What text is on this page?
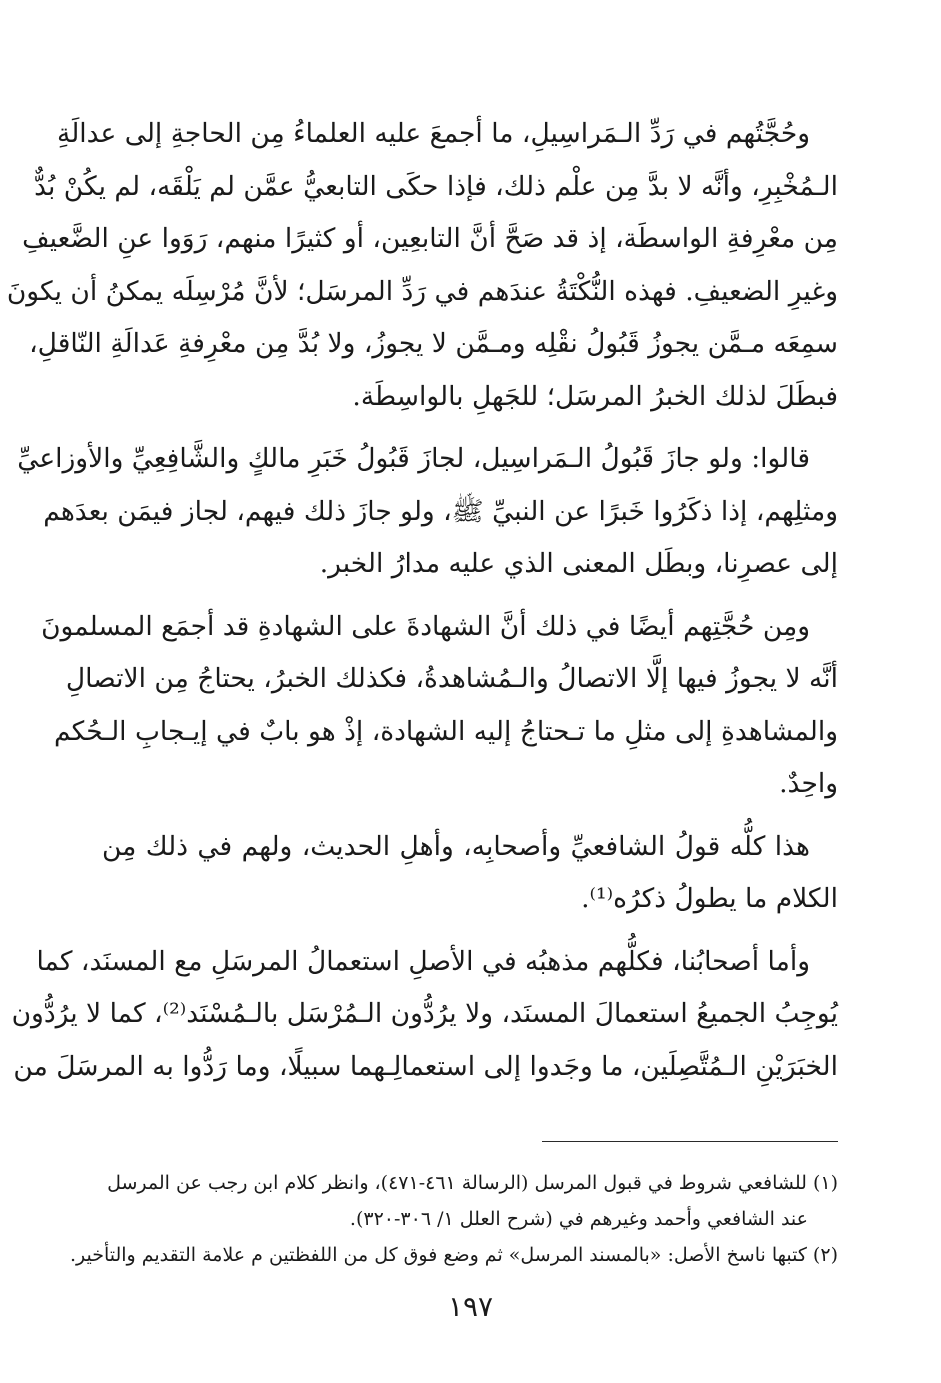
وحُجَّتُهم في رَدِّ الـمَراسِيلِ، ما أجمعَ عليه العلماءُ مِن الحاجةِ إلى عدالَةِ
الـمُخْبِرِ، وأنَّه لا بدَّ مِن علْم ذلك، فإذا حكَى التابعيُّ عمَّن لم يَلْقَه، لم يكُنْ بُدٌّ
مِن معْرِفةِ الواسطَة، إذ قد صَحَّ أنَّ التابعِين، أو كثيرًا منهم، رَوَوا عنِ الضَّعيفِ
وغيرِ الضعيفِ. فهذه النُّكْتَةُ عندَهم في رَدِّ المرسَل؛ لأنَّ مُرْسِلَه يمكنُ أن يكونَ
سمِعَه مـمَّن يجوزُ قَبُولُ نقْلِه ومـمَّن لا يجوزُ، ولا بُدَّ مِن معْرِفةِ عَدالَةِ النّاقلِ،
فبطَلَ لذلك الخبرُ المرسَل؛ للجَهلِ بالواسِطَة.
قالوا: ولو جازَ قَبُولُ الـمَراسِيل، لجازَ قَبُولُ خَبَرِ مالكٍ والشَّافِعِيِّ والأوزاعيِّ
ومثلِهم، إذا ذكَرُوا خَبرًا عن النبيِّ ﷺ، ولو جازَ ذلك فيهم، لجاز فيمَن بعدَهم
إلى عصرِنا، وبطَل المعنى الذي عليه مدارُ الخبر.
ومِن حُجَّتِهم أيضًا في ذلك أنَّ الشهادةَ على الشهادةِ قد أجمَع المسلمونَ
أنَّه لا يجوزُ فيها إلَّا الاتصالُ والـمُشاهدةُ، فكذلك الخبرُ، يحتاجُ مِن الاتصالِ
والمشاهدةِ إلى مثلِ ما تـحتاجُ إليه الشهادة، إذْ هو بابٌ في إيـجابِ الـحُكم
واحِدٌ.
هذا كلُّه قولُ الشافعيِّ وأصحابِه، وأهلِ الحديث، ولهم في ذلك مِن
الكلام ما يطولُ ذكرُه⁽¹⁾.
وأما أصحابُنا، فكلُّهم مذهبُه في الأصلِ استعمالُ المرسَلِ مع المسنَد، كما
يُوجِبُ الجميعُ استعمالَ المسنَد، ولا يرُدُّون الـمُرْسَل بالـمُسْنَد⁽²⁾، كما لا يرُدُّون
الخبَرَيْنِ الـمُتَّصِلَين، ما وجَدوا إلى استعمالِـهما سبيلًا، وما رَدُّوا به المرسَلَ من
(١) للشافعي شروط في قبول المرسل (الرسالة ٤٦١-٤٧١)، وانظر كلام ابن رجب عن المرسل
عند الشافعي وأحمد وغيرهم في (شرح العلل ١/ ٣٠٦-٣٢٠).
(٢) كتبها ناسخ الأصل: «بالمسند المرسل» ثم وضع فوق كل من اللفظتين م علامة التقديم والتأخير.
١٩٧
